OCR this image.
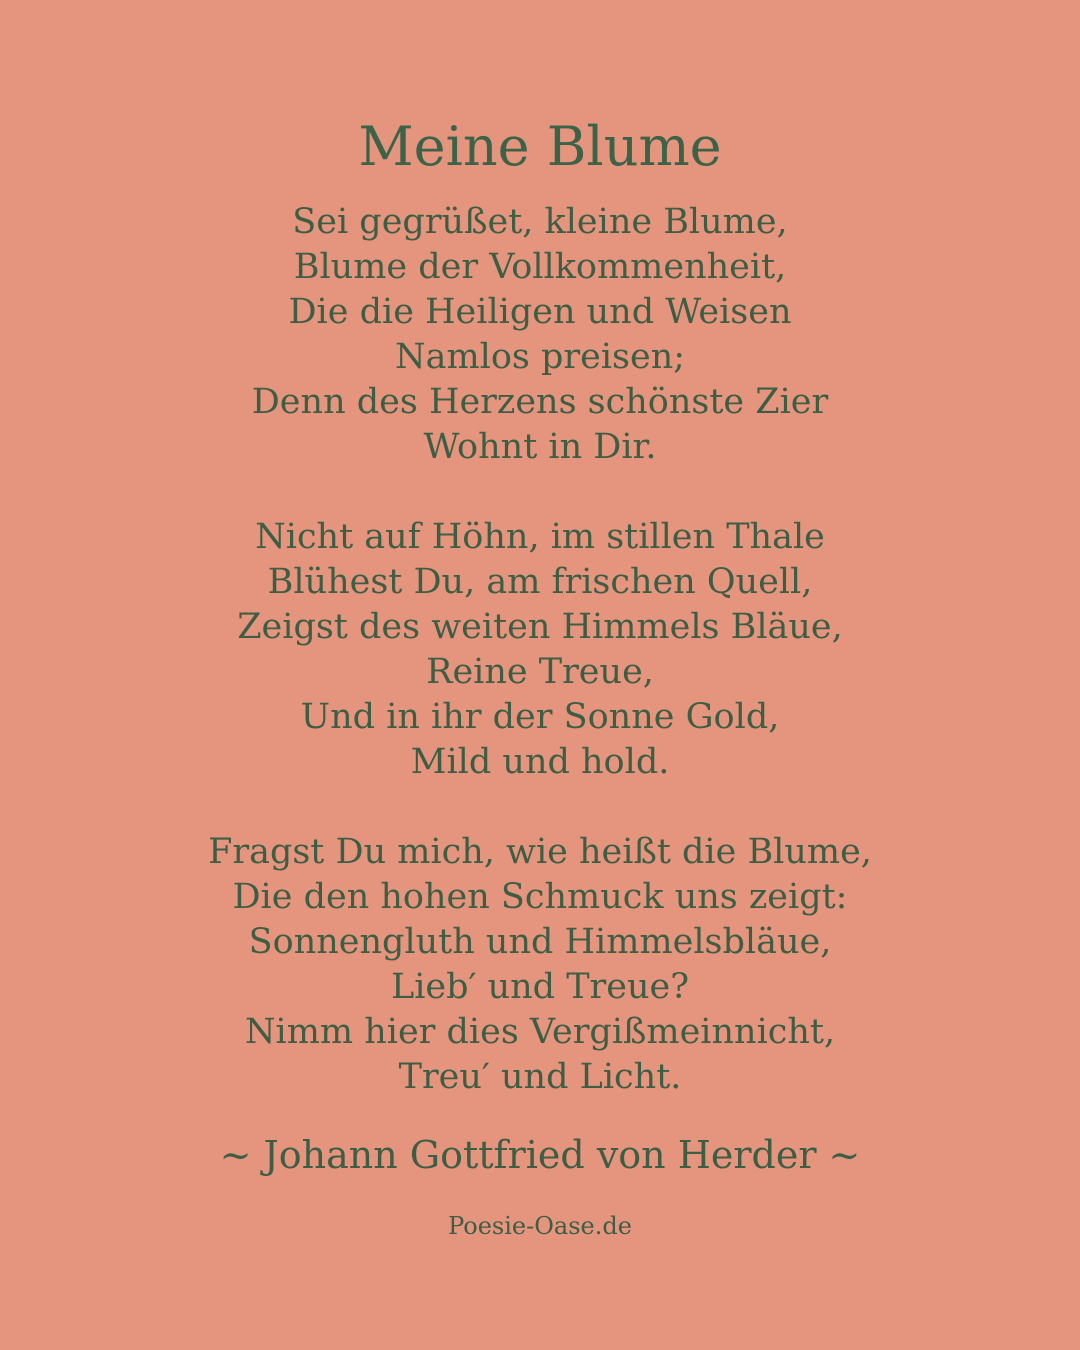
Meine Blume
Sei gegrüßet, kleine Blume,
Blume der Vollkommenheit,
Die die Heiligen und Weisen
Namlos preisen;
Denn des Herzens schönste Zier
Wohnt in Dir.
Nicht auf Höhn, im stillen Thale
Blühest Du, am frischen Quell,
Zeigst des weiten Himmels Bläue,
Reine Treue,
Und in ihr der Sonne Gold,
Mild und hold.
Fragst Du mich, wie heißt die Blume,
Die den hohen Schmuck uns zeigt:
Sonnengluth und Himmelsbläue,
Lieb′ und Treue?
Nimm hier dies Vergißmeinnicht,
Treu′ und Licht.
~ Johann Gottfried von Herder ~
Poesie-Oase.de
